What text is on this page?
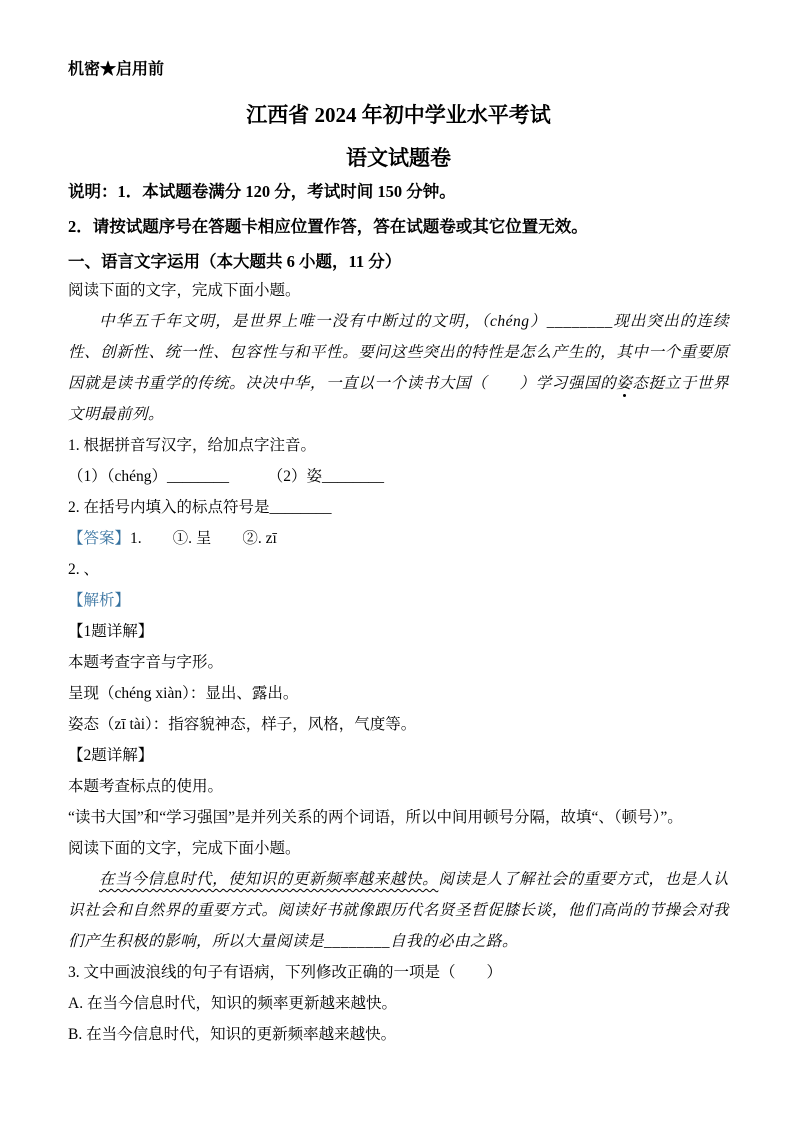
机密★启用前
江西省 2024 年初中学业水平考试
语文试题卷
说明：1．本试题卷满分 120 分，考试时间 150 分钟。
2．请按试题序号在答题卡相应位置作答，答在试题卷或其它位置无效。
一、语言文字运用（本大题共 6 小题，11 分）
阅读下面的文字，完成下面小题。

中华五千年文明，是世界上唯一没有中断过的文明，（chéng）________现出突出的连续性、创新性、统一性、包容性与和平性。要问这些突出的特性是怎么产生的，其中一个重要原因就是读书重学的传统。决决中华，一直以一个读书大国（　　）学习强国的姿态挺立于世界文明最前列。

1. 根据拼音写汉字，给加点字注音。
（1）（chéng）________　　　（2）姿________
2. 在括号内填入的标点符号是________
【答案】1.　　①. 呈　　②. zī
2. 、
【解析】
【1题详解】
本题考查字音与字形。
呈现（chéng xiàn）：显出、露出。
姿态（zī tài）：指容貌神态，样子，风格，气度等。
【2题详解】
本题考查标点的使用。
“读书大国”和“学习强国”是并列关系的两个词语，所以中间用顿号分隔，故填“、（顿号）”。
阅读下面的文字，完成下面小题。

在当今信息时代，使知识的更新频率越来越快。阅读是人了解社会的重要方式，也是人认识社会和自然界的重要方式。阅读好书就像跟历代名贤圣哲促膝长谈，他们高尚的节操会对我们产生积极的影响，所以大量阅读是________自我的必由之路。

3. 文中画波浪线的句子有语病，下列修改正确的一项是（　　）
A. 在当今信息时代，知识的频率更新越来越快。
B. 在当今信息时代，知识的更新频率越来越快。
